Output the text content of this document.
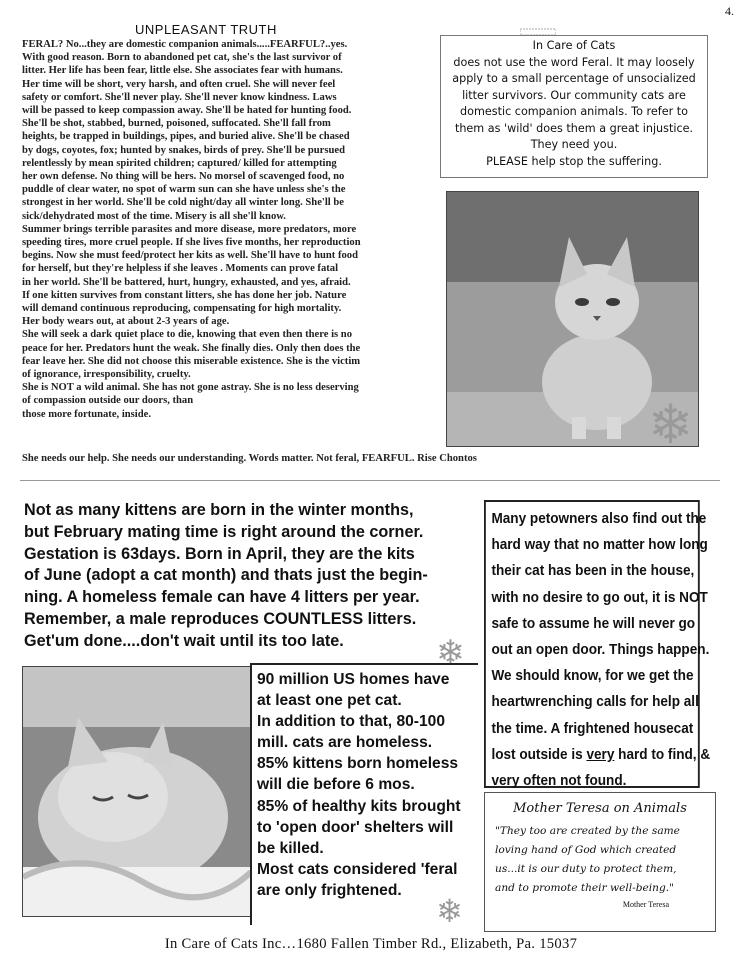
4.
UNPLEASANT TRUTH

FERAL? No...they are domestic companion animals.....FEARFUL?..yes.

With good reason. Born to abandoned pet cat, she's the last survivor of

litter. Her life has been fear, little else. She associates fear with humans.

Her time will be short, very harsh, and often cruel. She will never feel

safety or comfort. She'll never play. She'll never know kindness. Laws

will be passed to keep compassion away. She'll be hated for hunting food.

She'll be shot, stabbed, burned, poisoned, suffocated. She'll fall from

heights, be trapped in buildings, pipes, and buried alive. She'll be chased

by dogs, coyotes, fox; hunted by snakes, birds of prey. She'll be pursued

relentlessly by mean spirited children; captured/ killed for attempting

her own defense. No thing will be hers. No morsel of scavenged food, no

puddle of clear water, no spot of warm sun can she have unless she's the

strongest in her world. She'll be cold night/day all winter long. She'll be

sick/dehydrated most of the time. Misery is all she'll know.

Summer brings terrible parasites and more disease, more predators, more

speeding tires, more cruel people. If she lives five months, her reproduction

begins. Now she must feed/protect her kits as well. She'll have to hunt food

for herself, but they're helpless if she leaves . Moments can prove fatal

in her world. She'll be battered, hurt, hungry, exhausted, and yes, afraid.

If one kitten survives from constant litters, she has done her job. Nature

will demand continuous reproducing, compensating for high mortality.

Her body wears out, at about 2-3 years of age.

She will seek a dark quiet place to die, knowing that even then there is no

peace for her. Predators hunt the weak. She finally dies. Only then does the

fear leave her. She did not choose this miserable existence. She is the victim

of ignorance, irresponsibility, cruelty.

She is NOT a wild animal. She has not gone astray. She is no less deserving

of compassion outside our doors, than

those more fortunate, inside.

She needs our help. She needs our understanding. Words matter. Not feral, FEARFUL. Rise Chontos
In Care of Cats
does not use the word Feral. It may loosely
apply to a small percentage of unsocialized
litter survivors. Our community cats are
domestic companion animals. To refer to
them as 'wild' does them a great injustice.
They need you.
PLEASE help stop the suffering.
❄
Not as many kittens are born in the winter months,
but February mating time is right around the corner.
Gestation is 63days. Born in April, they are the kits
of June (adopt a cat month) and thats just the begin-
ning. A homeless female can have 4 litters per year.
Remember, a male reproduces COUNTLESS litters.
Get'um done....don't wait until its too late.	❄
Many petowners also find out the
hard way that no matter how long
their cat has been in the house,
with no desire to go out, it is NOT
safe to assume he will never go
out an open door. Things happen.
We should know, for we get the
heartwrenching calls for help all
the time. A frightened housecat
lost outside is very hard to find, &
very often not found.
90 million US homes have
at least one pet cat.
In addition to that, 80-100
mill. cats are homeless.
85% kittens born homeless
will die before 6 mos.
85% of healthy kits brought
to 'open door' shelters will
be killed.
Most cats considered 'feral
are only frightened.
❄
Mother Teresa on Animals
"They too are created by the same
loving hand of God which created
us...it is our duty to protect them,
and to promote their well-being."
Mother Teresa
In Care of Cats Inc…1680 Fallen Timber Rd., Elizabeth, Pa. 15037
